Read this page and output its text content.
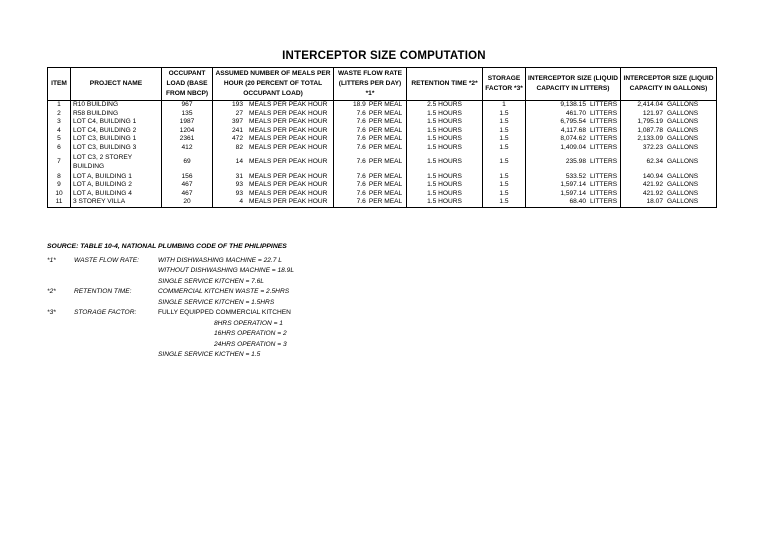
INTERCEPTOR SIZE COMPUTATION
ITEM	PROJECT NAME	OCCUPANT LOAD (BASE FROM NBCP)	ASSUMED NUMBER OF MEALS PER HOUR (20 PERCENT OF TOTAL OCCUPANT LOAD)	WASTE FLOW RATE (LITTERS PER DAY) *1*	RETENTION TIME *2*	STORAGE FACTOR *3*	INTERCEPTOR SIZE (LIQUID CAPACITY IN LITTERS)	INTERCEPTOR SIZE (LIQUID CAPACITY IN GALLONS)
1	R10 BUILDING	967	193 MEALS PER PEAK HOUR	18.9 PER MEAL	2.5 HOURS	1	9,138.15 LITTERS	2,414.04 GALLONS

2	R58 BUILDING	135	27 MEALS PER PEAK HOUR	7.6 PER MEAL	1.5 HOURS	1.5	461.70 LITTERS	121.97 GALLONS

3	LOT C4, BUILDING 1	1987	397 MEALS PER PEAK HOUR	7.6 PER MEAL	1.5 HOURS	1.5	6,795.54 LITTERS	1,795.19 GALLONS

4	LOT C4, BUILDING 2	1204	241 MEALS PER PEAK HOUR	7.6 PER MEAL	1.5 HOURS	1.5	4,117.68 LITTERS	1,087.78 GALLONS

5	LOT C3, BUILDING 1	2361	472 MEALS PER PEAK HOUR	7.6 PER MEAL	1.5 HOURS	1.5	8,074.62 LITTERS	2,133.09 GALLONS

6	LOT C3, BUILDING 3	412	82 MEALS PER PEAK HOUR	7.6 PER MEAL	1.5 HOURS	1.5	1,409.04 LITTERS	372.23 GALLONS

7	LOT C3, 2 STOREY BUILDING	69	14 MEALS PER PEAK HOUR	7.6 PER MEAL	1.5 HOURS	1.5	235.98 LITTERS	62.34 GALLONS

8	LOT A, BUILDING 1	156	31 MEALS PER PEAK HOUR	7.6 PER MEAL	1.5 HOURS	1.5	533.52 LITTERS	140.94 GALLONS

9	LOT A, BUILDING 2	467	93 MEALS PER PEAK HOUR	7.6 PER MEAL	1.5 HOURS	1.5	1,597.14 LITTERS	421.92 GALLONS

10	LOT A, BUILDING 4	467	93 MEALS PER PEAK HOUR	7.6 PER MEAL	1.5 HOURS	1.5	1,597.14 LITTERS	421.92 GALLONS

11	3 STOREY VILLA	20	4 MEALS PER PEAK HOUR	7.6 PER MEAL	1.5 HOURS	1.5	68.40 LITTERS	18.07 GALLONS
SOURCE: TABLE 10-4, NATIONAL PLUMBING CODE OF THE PHILIPPINES
*1*	WASTE FLOW RATE:	WITH DISHWASHING MACHINE = 22.7 L
WITHOUT DISHWASHING MACHINE = 18.9L
SINGLE SERVICE KITCHEN = 7.6L
*2*	RETENTION TIME:	COMMERCIAL KITCHEN WASTE = 2.5HRS
SINGLE SERVICE KITCHEN = 1.5HRS
*3*	STORAGE FACTOR:	FULLY EQUIPPED COMMERCIAL KITCHEN
8HRS OPERATION = 1
16HRS OPERATION = 2
24HRS OPERATION = 3
SINGLE SERVICE KICTHEN = 1.5
